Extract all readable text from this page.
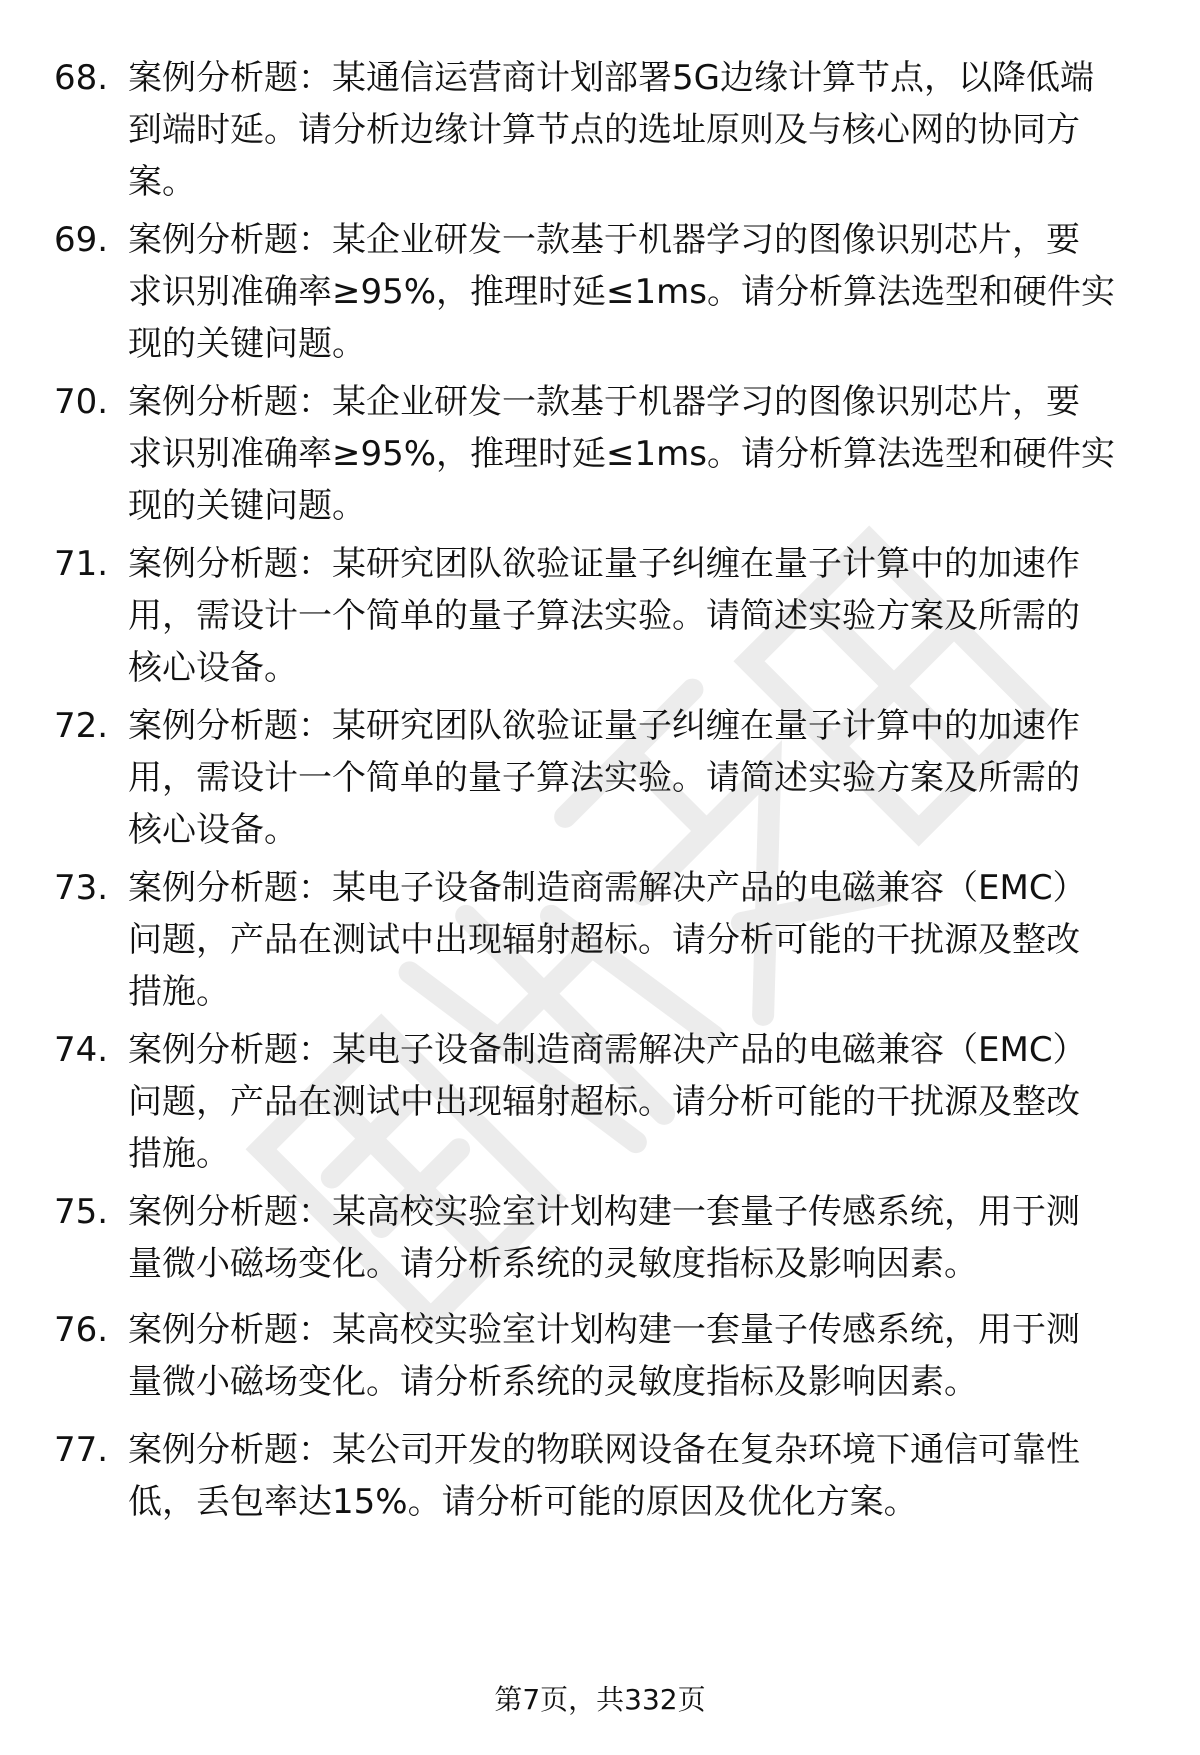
68. 案例分析题：某通信运营商计划部署5G边缘计算节点，以降低端
到端时延。请分析边缘计算节点的选址原则及与核心网的协同方
案。
69. 案例分析题：某企业研发一款基于机器学习的图像识别芯片，要
求识别准确率≥95%，推理时延≤1ms。请分析算法选型和硬件实
现的关键问题。
70. 案例分析题：某企业研发一款基于机器学习的图像识别芯片，要
求识别准确率≥95%，推理时延≤1ms。请分析算法选型和硬件实
现的关键问题。
71. 案例分析题：某研究团队欲验证量子纠缠在量子计算中的加速作
用，需设计一个简单的量子算法实验。请简述实验方案及所需的
核心设备。
72. 案例分析题：某研究团队欲验证量子纠缠在量子计算中的加速作
用，需设计一个简单的量子算法实验。请简述实验方案及所需的
核心设备。
73. 案例分析题：某电子设备制造商需解决产品的电磁兼容（EMC）
问题，产品在测试中出现辐射超标。请分析可能的干扰源及整改
措施。
74. 案例分析题：某电子设备制造商需解决产品的电磁兼容（EMC）
问题，产品在测试中出现辐射超标。请分析可能的干扰源及整改
措施。
75. 案例分析题：某高校实验室计划构建一套量子传感系统，用于测
量微小磁场变化。请分析系统的灵敏度指标及影响因素。
76. 案例分析题：某高校实验室计划构建一套量子传感系统，用于测
量微小磁场变化。请分析系统的灵敏度指标及影响因素。
77. 案例分析题：某公司开发的物联网设备在复杂环境下通信可靠性
低，丢包率达15%。请分析可能的原因及优化方案。
第7页，共332页
